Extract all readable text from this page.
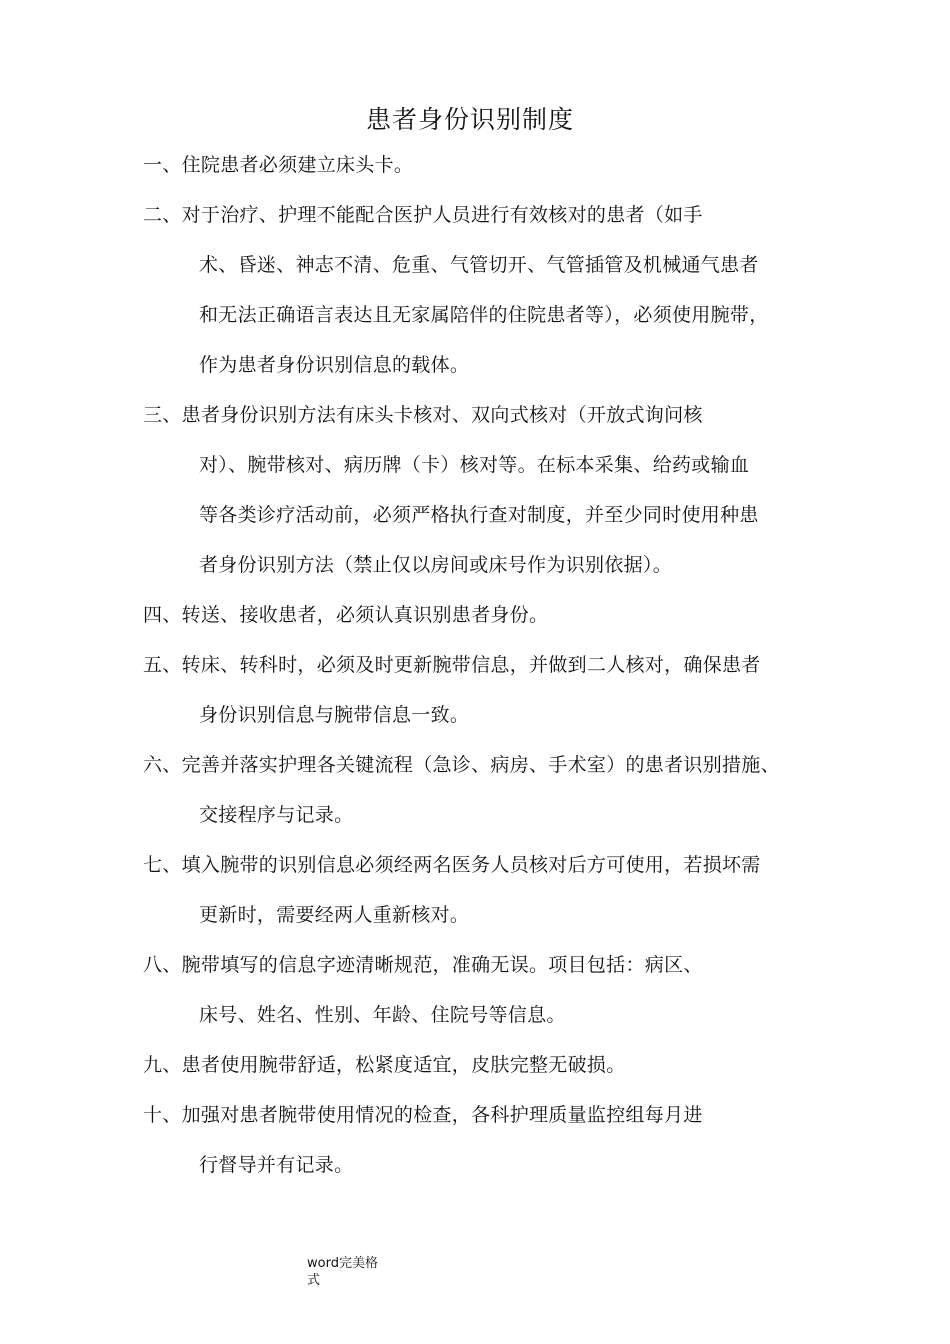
患者身份识别制度
一、住院患者必须建立床头卡。
二、对于治疗、护理不能配合医护人员进行有效核对的患者（如手
术、昏迷、神志不清、危重、气管切开、气管插管及机械通气患者
和无法正确语言表达且无家属陪伴的住院患者等），必须使用腕带，
作为患者身份识别信息的载体。
三、患者身份识别方法有床头卡核对、双向式核对（开放式询问核
对）、腕带核对、病历牌（卡）核对等。在标本采集、给药或输血
等各类诊疗活动前，必须严格执行查对制度，并至少同时使用种患
者身份识别方法（禁止仅以房间或床号作为识别依据）。
四、转送、接收患者，必须认真识别患者身份。
五、转床、转科时，必须及时更新腕带信息，并做到二人核对，确保患者
身份识别信息与腕带信息一致。
六、完善并落实护理各关键流程（急诊、病房、手术室）的患者识别措施、
交接程序与记录。
七、填入腕带的识别信息必须经两名医务人员核对后方可使用，若损坏需
更新时，需要经两人重新核对。
八、腕带填写的信息字迹清晰规范，准确无误。项目包括：病区、
床号、姓名、性别、年龄、住院号等信息。
九、患者使用腕带舒适，松紧度适宜，皮肤完整无破损。
十、加强对患者腕带使用情况的检查，各科护理质量监控组每月进
行督导并有记录。
word完美格式
